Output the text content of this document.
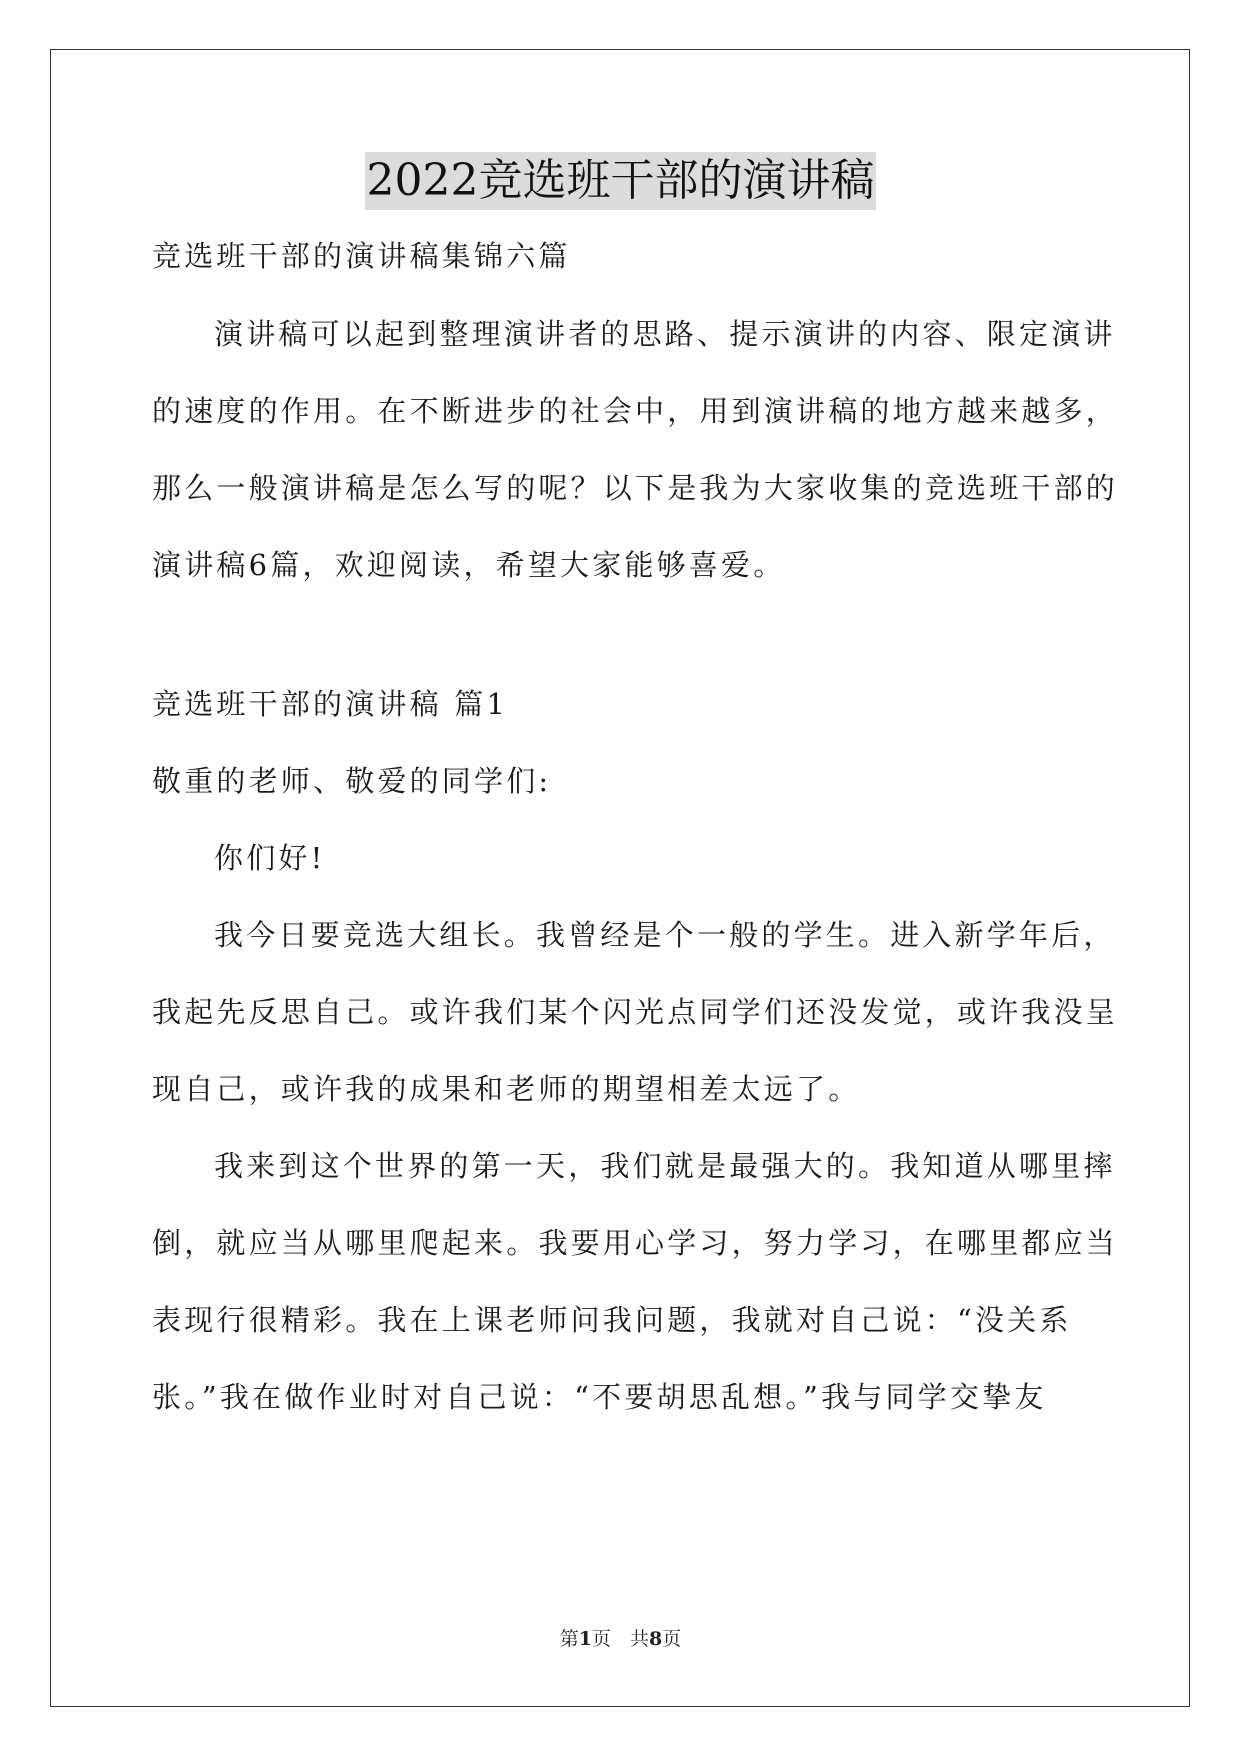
2022竞选班干部的演讲稿
竞选班干部的演讲稿集锦六篇
演讲稿可以起到整理演讲者的思路、提示演讲的内容、限定演讲
的速度的作用。在不断进步的社会中，用到演讲稿的地方越来越多，
那么一般演讲稿是怎么写的呢？以下是我为大家收集的竞选班干部的
演讲稿6篇，欢迎阅读，希望大家能够喜爱。
竞选班干部的演讲稿 篇1
敬重的老师、敬爱的同学们:
你们好!
我今日要竞选大组长。我曾经是个一般的学生。进入新学年后，
我起先反思自己。或许我们某个闪光点同学们还没发觉，或许我没呈
现自己，或许我的成果和老师的期望相差太远了。
我来到这个世界的第一天，我们就是最强大的。我知道从哪里摔
倒，就应当从哪里爬起来。我要用心学习，努力学习，在哪里都应当
表现行很精彩。我在上课老师问我问题，我就对自己说：“没关系
张。”我在做作业时对自己说：“不要胡思乱想。”我与同学交挚友
第1页　共8页
